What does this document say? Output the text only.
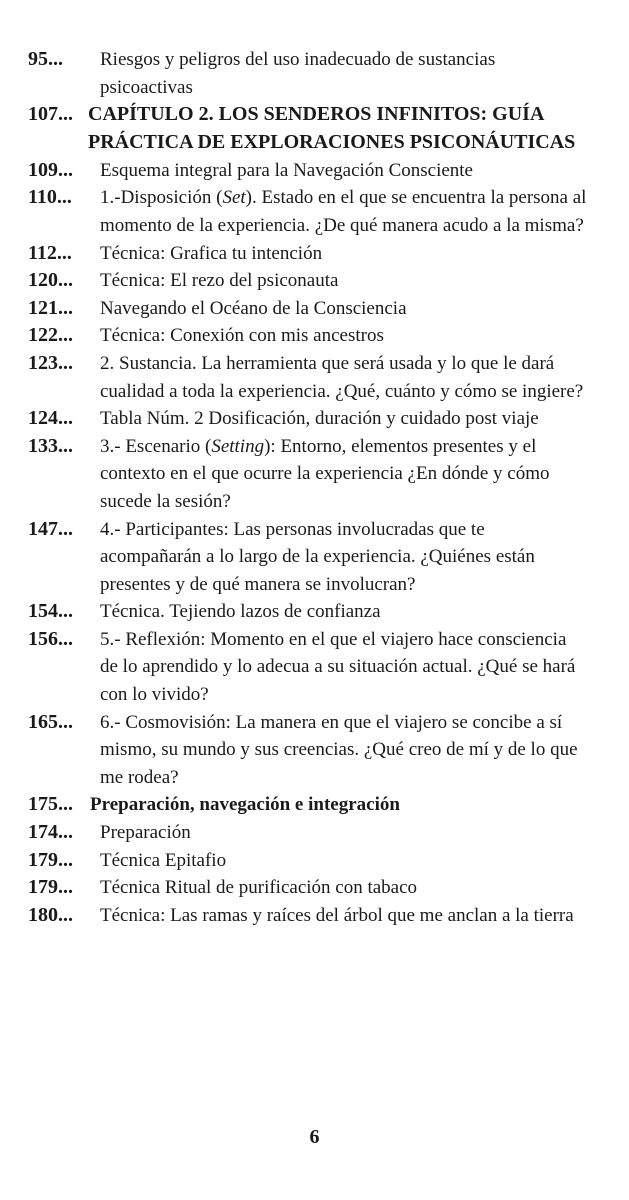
95...	Riesgos y peligros del uso inadecuado de sustancias psicoactivas
107... CAPÍTULO 2. LOS SENDEROS INFINITOS: GUÍA PRÁCTICA DE EXPLORACIONES PSICONÁUTICAS
109...	Esquema integral para la Navegación Consciente
110...	1.-Disposición (Set). Estado en el que se encuentra la persona al momento de la experiencia. ¿De qué manera acudo a la misma?
112...	Técnica: Grafica tu intención
120...	Técnica: El rezo del psiconauta
121...	Navegando el Océano de la Consciencia
122...	Técnica: Conexión con mis ancestros
123...	2. Sustancia. La herramienta que será usada y lo que le dará cualidad a toda la experiencia. ¿Qué, cuánto y cómo se ingiere?
124...	Tabla Núm. 2 Dosificación, duración y cuidado post viaje
133...	3.- Escenario (Setting): Entorno, elementos presentes y el contexto en el que ocurre la experiencia ¿En dónde y cómo sucede la sesión?
147...	4.- Participantes: Las personas involucradas que te acompañarán a lo largo de la experiencia. ¿Quiénes están presentes y de qué manera se involucran?
154...	Técnica. Tejiendo lazos de confianza
156...	5.- Reflexión: Momento en el que el viajero hace consciencia de lo aprendido y lo adecua a su situación actual. ¿Qué se hará con lo vivido?
165...	6.- Cosmovisión: La manera en que el viajero se concibe a sí mismo, su mundo y sus creencias. ¿Qué creo de mí y de lo que me rodea?
175... Preparación, navegación e integración
174...	Preparación
179...	Técnica Epitafio
179...	Técnica Ritual de purificación con tabaco
180...	Técnica: Las ramas y raíces del árbol que me anclan a la tierra
6
